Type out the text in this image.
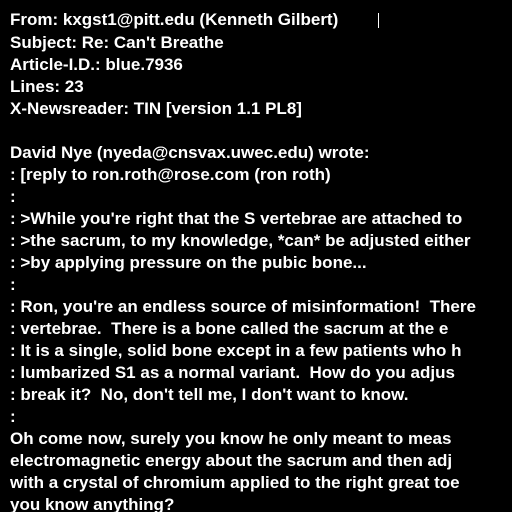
From: kxgst1@pitt.edu (Kenneth Gilbert)
Subject: Re: Can't Breathe
Article-I.D.: blue.7936
Lines: 23
X-Newsreader: TIN [version 1.1 PL8]
David Nye (nyeda@cnsvax.uwec.edu) wrote:
: [reply to ron.roth@rose.com (ron roth)
:
: >While you're right that the S vertebrae are attached to
: >the sacrum, to my knowledge, *can* be adjusted either
: >by applying pressure on the pubic bone...
:
: Ron, you're an endless source of misinformation!  There
: vertebrae.  There is a bone called the sacrum at the e
: It is a single, solid bone except in a few patients who h
: lumbarized S1 as a normal variant.  How do you adjus
: break it?  No, don't tell me, I don't want to know.
:
Oh come now, surely you know he only meant to meas
electromagnetic energy about the sacrum and then adj
with a crystal of chromium applied to the right great toe
you know anything?
